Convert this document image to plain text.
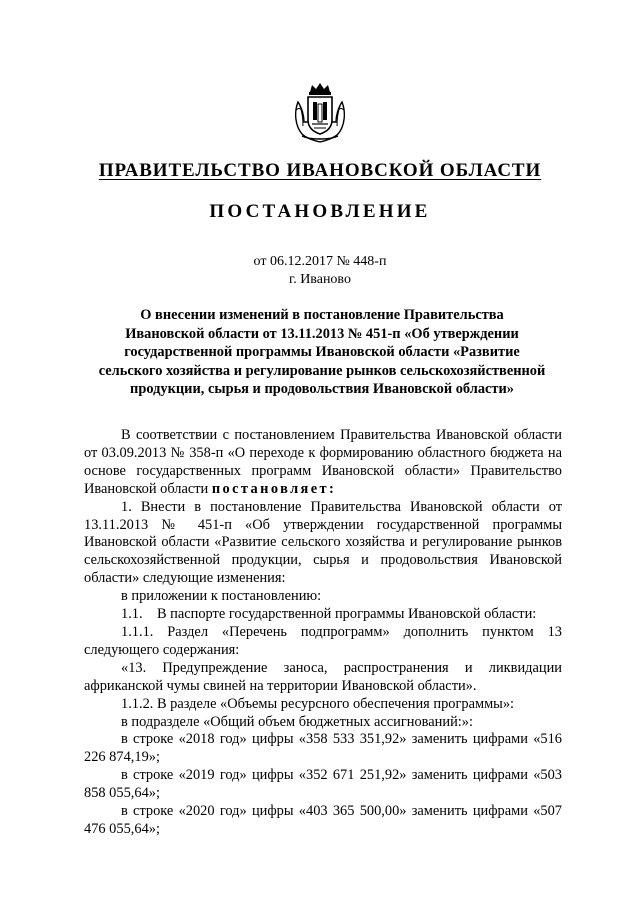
ПРАВИТЕЛЬСТВО ИВАНОВСКОЙ ОБЛАСТИ
ПОСТАНОВЛЕНИЕ
от 06.12.2017 № 448-п
г. Иваново
О внесении изменений в постановление Правительства
Ивановской области от 13.11.2013 № 451-п «Об утверждении
государственной программы Ивановской области «Развитие
сельского хозяйства и регулирование рынков сельскохозяйственной
продукции, сырья и продовольствия Ивановской области»

В соответствии с постановлением Правительства Ивановской области от 03.09.2013 № 358-п «О переходе к формированию областного бюджета на основе государственных программ Ивановской области» Правительство Ивановской области постановляет:

1. Внести в постановление Правительства Ивановской области от 13.11.2013 № 451-п «Об утверждении государственной программы Ивановской области «Развитие сельского хозяйства и регулирование рынков сельскохозяйственной продукции, сырья и продовольствия Ивановской области» следующие изменения:

в приложении к постановлению:

1.1.    В паспорте государственной программы Ивановской области:

1.1.1. Раздел «Перечень подпрограмм» дополнить пунктом 13 следующего содержания:

«13. Предупреждение заноса, распространения и ликвидации африканской чумы свиней на территории Ивановской области».

1.1.2. В разделе «Объемы ресурсного обеспечения программы»:

в подразделе «Общий объем бюджетных ассигнований:»:

в строке «2018 год» цифры «358 533 351,92» заменить цифрами «516 226 874,19»;

в строке «2019 год» цифры «352 671 251,92» заменить цифрами «503 858 055,64»;

в строке «2020 год» цифры «403 365 500,00» заменить цифрами «507 476 055,64»;
